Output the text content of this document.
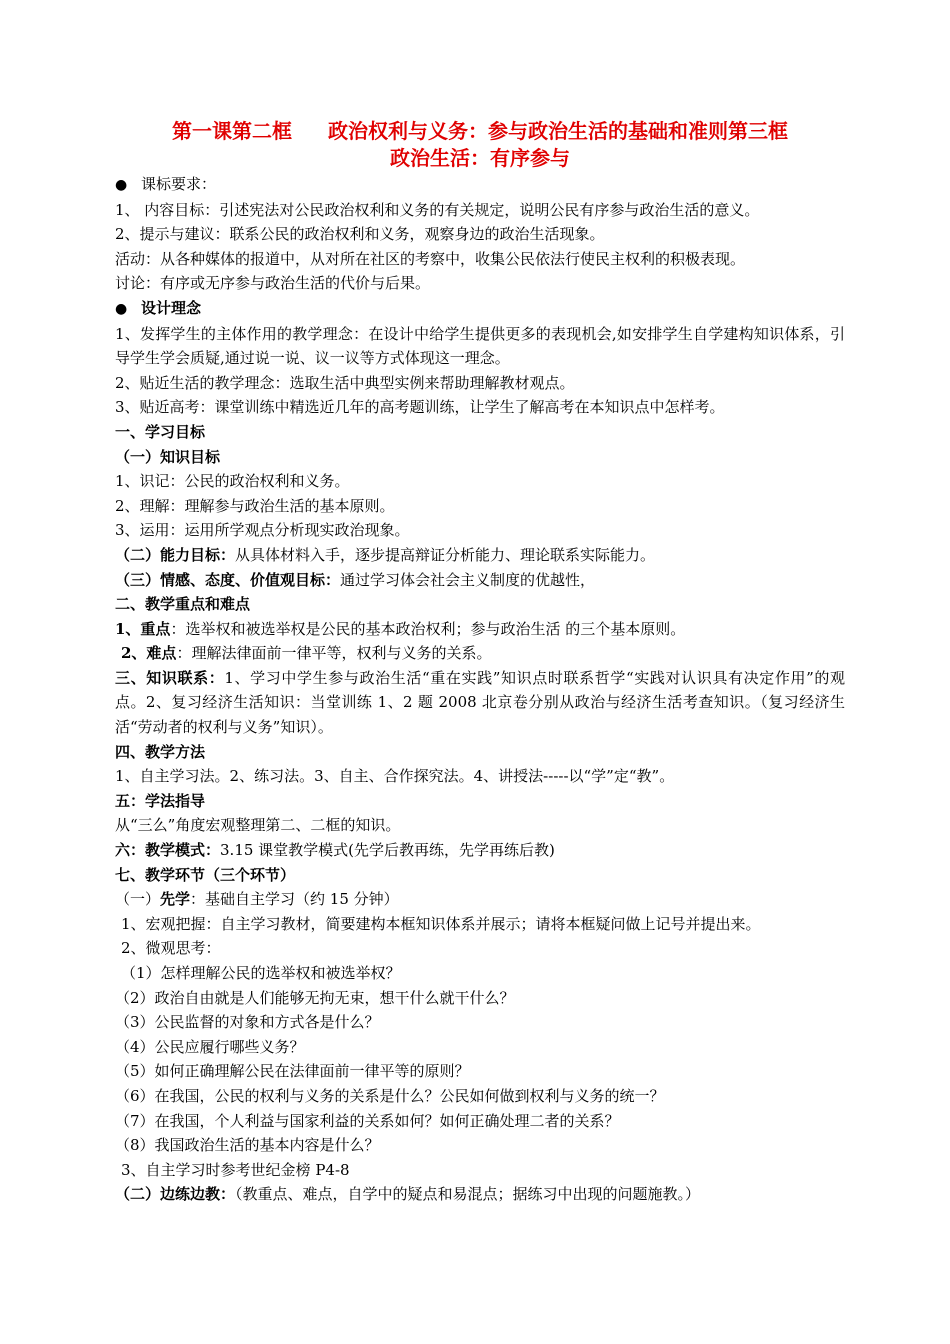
第一课第二框 政治权利与义务：参与政治生活的基础和准则第三框
政治生活：有序参与
● 课标要求：
1、 内容目标：引述宪法对公民政治权利和义务的有关规定，说明公民有序参与政治生活的意义。
2、提示与建议：联系公民的政治权利和义务，观察身边的政治生活现象。
活动：从各种媒体的报道中，从对所在社区的考察中，收集公民依法行使民主权利的积极表现。
讨论：有序或无序参与政治生活的代价与后果。
● 设计理念
1、发挥学生的主体作用的教学理念：在设计中给学生提供更多的表现机会,如安排学生自学建构知识体系，引导学生学会质疑,通过说一说、议一议等方式体现这一理念。
2、贴近生活的教学理念：选取生活中典型实例来帮助理解教材观点。
3、贴近高考：课堂训练中精选近几年的高考题训练，让学生了解高考在本知识点中怎样考。
一、学习目标
（一）知识目标
1、识记：公民的政治权利和义务。
2、理解：理解参与政治生活的基本原则。
3、运用：运用所学观点分析现实政治现象。
（二）能力目标：从具体材料入手，逐步提高辩证分析能力、理论联系实际能力。
（三）情感、态度、价值观目标：通过学习体会社会主义制度的优越性，
二、教学重点和难点
1、重点：选举权和被选举权是公民的基本政治权利；参与政治生活 的三个基本原则。
2、难点：理解法律面前一律平等，权利与义务的关系。
三、知识联系：1、学习中学生参与政治生活“重在实践”知识点时联系哲学“实践对认识具有决定作用”的观点。2、复习经济生活知识：当堂训练 1、2 题 2008 北京卷分别从政治与经济生活考查知识。（复习经济生活“劳动者的权利与义务”知识）。
四、教学方法
1、自主学习法。2、练习法。3、自主、合作探究法。4、讲授法-----以“学”定“教”。
五：学法指导
从“三么”角度宏观整理第二、二框的知识。
六：教学模式：3.15 课堂教学模式(先学后教再练，先学再练后教)
七、教学环节（三个环节）
（一）先学：基础自主学习（约 15 分钟）
1、宏观把握：自主学习教材，简要建构本框知识体系并展示；请将本框疑问做上记号并提出来。
2、微观思考：
（1）怎样理解公民的选举权和被选举权？
（2）政治自由就是人们能够无拘无束，想干什么就干什么？
（3）公民监督的对象和方式各是什么？
（4）公民应履行哪些义务？
（5）如何正确理解公民在法律面前一律平等的原则？
（6）在我国，公民的权利与义务的关系是什么？公民如何做到权利与义务的统一？
（7）在我国，个人利益与国家利益的关系如何？如何正确处理二者的关系？
（8）我国政治生活的基本内容是什么？
3、自主学习时参考世纪金榜 P4-8
（二）边练边教：（教重点、难点，自学中的疑点和易混点；据练习中出现的问题施教。）
